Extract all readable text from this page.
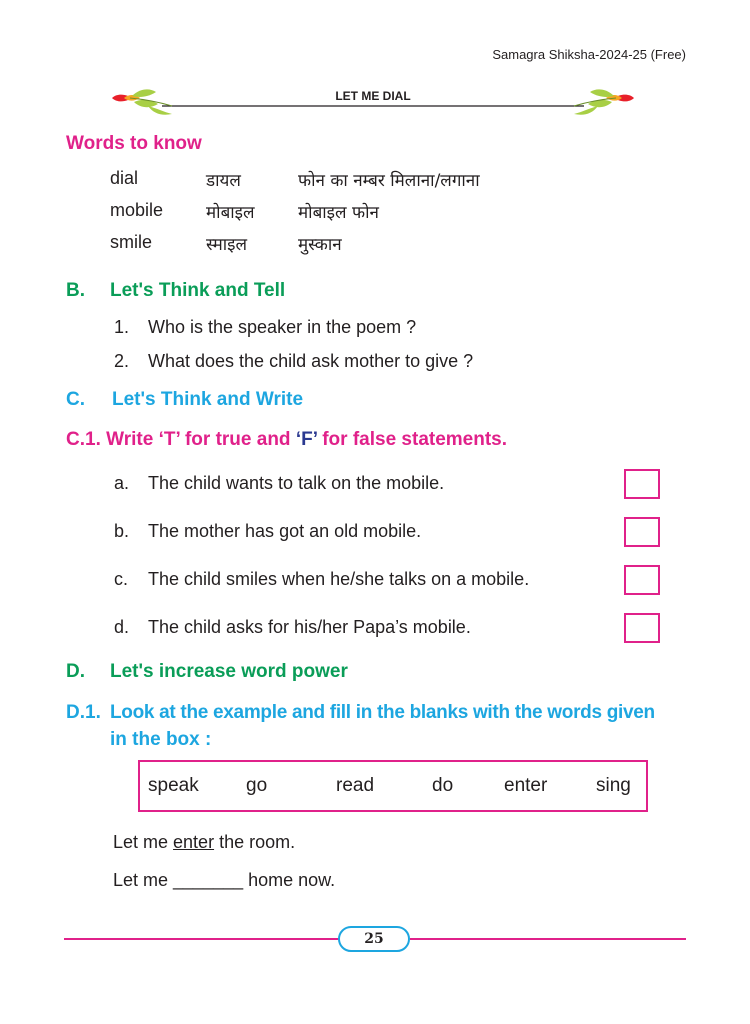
Samagra Shiksha-2024-25 (Free)
LET ME DIAL
Words to know
dial	डायल	फोन का नम्बर मिलाना/लगाना
mobile	मोबाइल	मोबाइल फोन
smile	स्माइल	मुस्कान
B. Let's Think and Tell
1. Who is the speaker in the poem ?
2. What does the child ask mother to give ?
C. Let's Think and Write
C.1. Write ‘T’ for true and ‘F’ for false statements.
a. The child wants to talk on the mobile.
b. The mother has got an old mobile.
c. The child smiles when he/she talks on a mobile.
d. The child asks for his/her Papa’s mobile.
D. Let's increase word power
D.1. Look at the example and fill in the blanks with the words given
in the box :
speak go	read	do	enter	sing
Let me enter the room.
Let me _______ home now.
25
